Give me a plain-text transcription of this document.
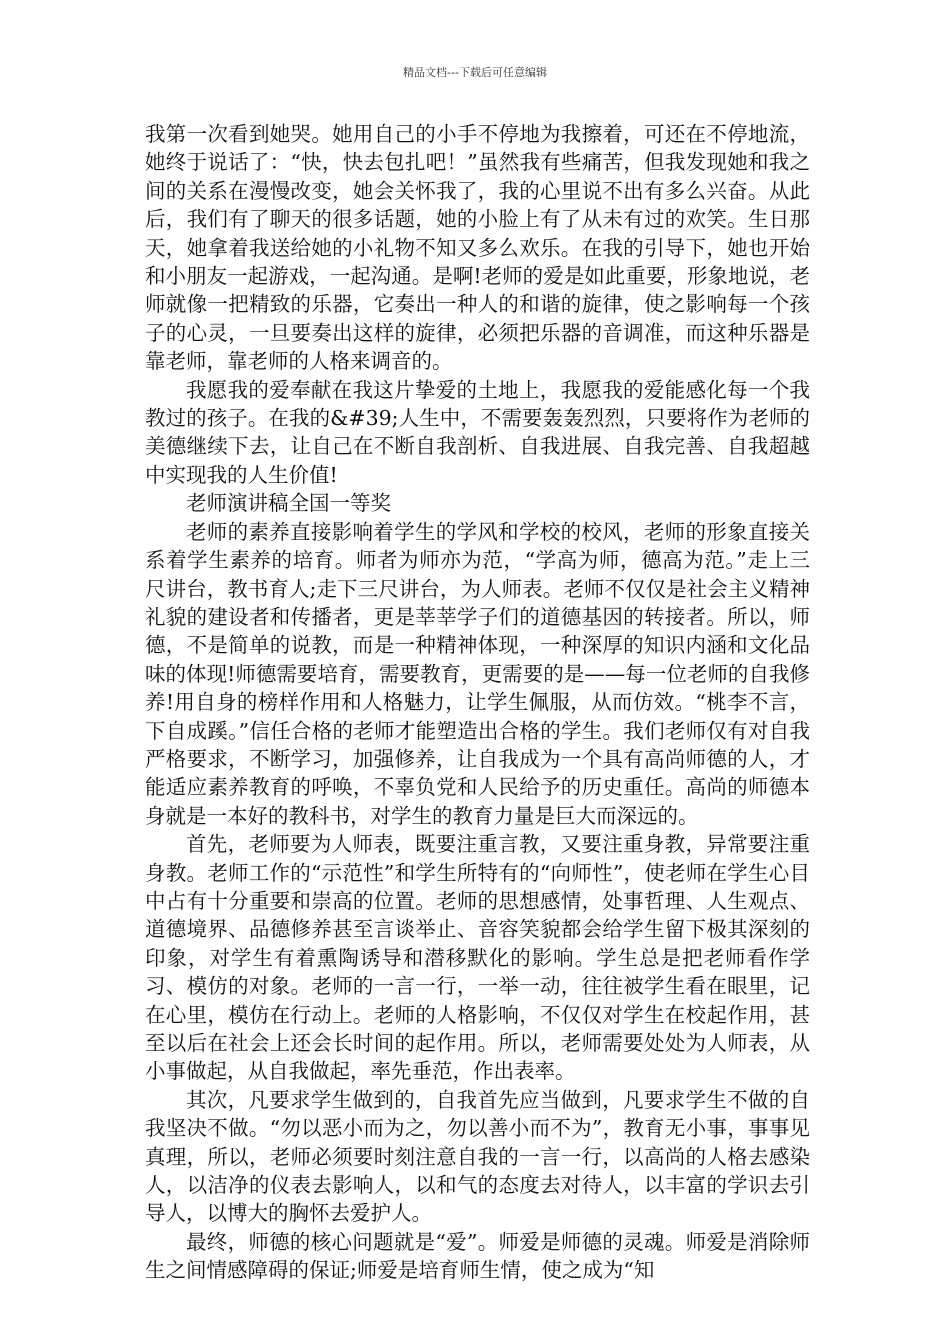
精品文档---下载后可任意编辑

我第一次看到她哭。她用自己的小手不停地为我擦着，可还在不停地流，她终于说话了：“快，快去包扎吧！”虽然我有些痛苦，但我发现她和我之间的关系在漫慢改变，她会关怀我了，我的心里说不出有多么兴奋。从此后，我们有了聊天的很多话题，她的小脸上有了从未有过的欢笑。生日那天，她拿着我送给她的小礼物不知又多么欢乐。在我的引导下，她也开始和小朋友一起游戏，一起沟通。是啊!老师的爱是如此重要，形象地说，老师就像一把精致的乐器，它奏出一种人的和谐的旋律，使之影响每一个孩子的心灵，一旦要奏出这样的旋律，必须把乐器的音调准，而这种乐器是靠老师，靠老师的人格来调音的。

我愿我的爱奉献在我这片挚爱的土地上，我愿我的爱能感化每一个我教过的孩子。在我的&#39;人生中，不需要轰轰烈烈，只要将作为老师的美德继续下去，让自己在不断自我剖析、自我进展、自我完善、自我超越中实现我的人生价值!

老师演讲稿全国一等奖

老师的素养直接影响着学生的学风和学校的校风，老师的形象直接关系着学生素养的培育。师者为师亦为范，“学高为师，德高为范。”走上三尺讲台，教书育人;走下三尺讲台，为人师表。老师不仅仅是社会主义精神礼貌的建设者和传播者，更是莘莘学子们的道德基因的转接者。所以，师德，不是简单的说教，而是一种精神体现，一种深厚的知识内涵和文化品味的体现!师德需要培育，需要教育，更需要的是——每一位老师的自我修养!用自身的榜样作用和人格魅力，让学生佩服，从而仿效。“桃李不言，下自成蹊。”信任合格的老师才能塑造出合格的学生。我们老师仅有对自我严格要求，不断学习，加强修养，让自我成为一个具有高尚师德的人，才能适应素养教育的呼唤，不辜负党和人民给予的历史重任。高尚的师德本身就是一本好的教科书，对学生的教育力量是巨大而深远的。

首先，老师要为人师表，既要注重言教，又要注重身教，异常要注重身教。老师工作的“示范性”和学生所特有的“向师性”，使老师在学生心目中占有十分重要和崇高的位置。老师的思想感情，处事哲理、人生观点、道德境界、品德修养甚至言谈举止、音容笑貌都会给学生留下极其深刻的印象，对学生有着熏陶诱导和潜移默化的影响。学生总是把老师看作学习、模仿的对象。老师的一言一行，一举一动，往往被学生看在眼里，记在心里，模仿在行动上。老师的人格影响，不仅仅对学生在校起作用，甚至以后在社会上还会长时间的起作用。所以，老师需要处处为人师表，从小事做起，从自我做起，率先垂范，作出表率。

其次，凡要求学生做到的，自我首先应当做到，凡要求学生不做的自我坚决不做。“勿以恶小而为之，勿以善小而不为”，教育无小事，事事见真理，所以，老师必须要时刻注意自我的一言一行，以高尚的人格去感染人，以洁净的仪表去影响人，以和气的态度去对待人，以丰富的学识去引导人，以博大的胸怀去爱护人。

最终，师德的核心问题就是“爱”。师爱是师德的灵魂。师爱是消除师生之间情感障碍的保证;师爱是培育师生情，使之成为“知
